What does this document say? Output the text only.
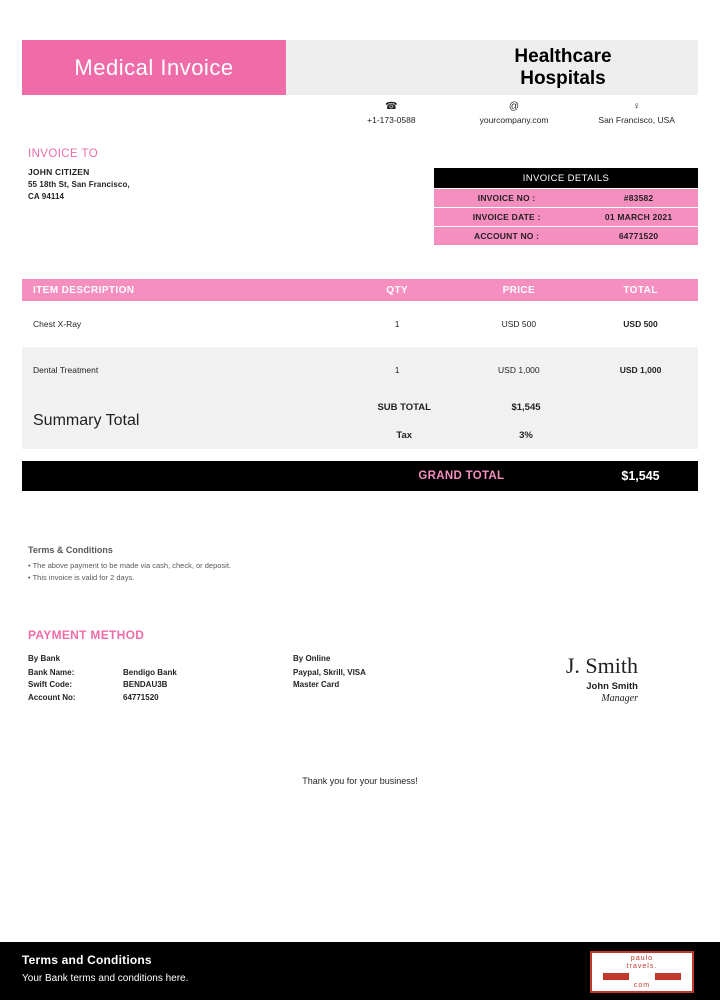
Medical Invoice	Healthcare
Hospitals
☎
+1-173-0588
@
yourcompany.com
♀
San Francisco, USA
INVOICE TO
JOHN CITIZEN
55 18th St, San Francisco,
CA 94114
INVOICE DETAILS
INVOICE NO :	#83582
INVOICE DATE :	01 MARCH 2021
ACCOUNT NO :	64771520
ITEM DESCRIPTION	QTY	PRICE	TOTAL
Chest X-Ray	1	USD 500	USD 500
Dental Treatment	1	USD 1,000	USD 1,000
Summary Total
SUB TOTAL	$1,545
Tax	3%
GRAND TOTAL	$1,545
Terms & Conditions
• The above payment to be made via cash, check, or deposit.
• This invoice is valid for 2 days.
PAYMENT METHOD
By Bank
Bank Name:	Bendigo Bank
Swift Code:	BENDAU3B
Account No:	64771520
By Online
Paypal, Skrill, VISA
Master Card
J. Smith
John Smith
Manager
Thank you for your business!
Terms and Conditions
Your Bank terms and conditions here.
paulo
travels.
com
